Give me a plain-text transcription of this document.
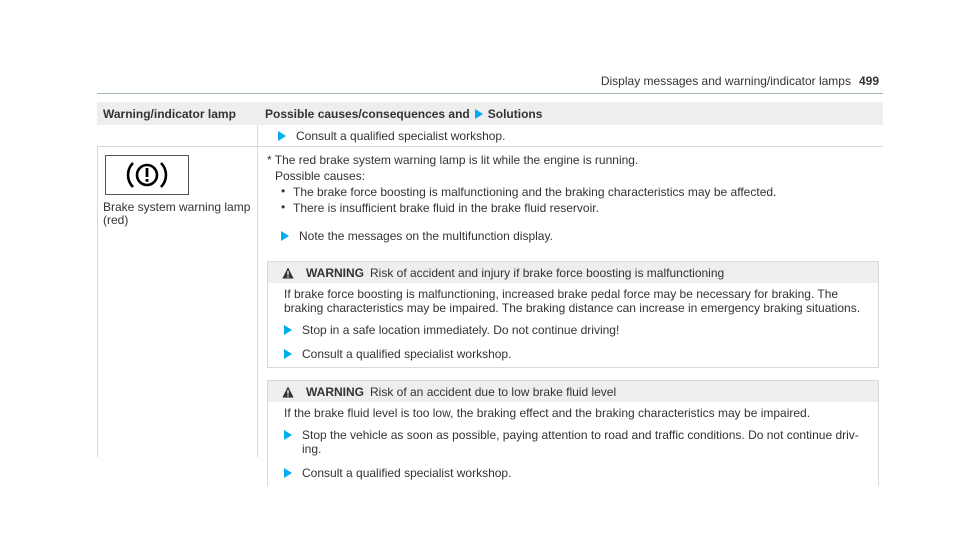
Display messages and warning/indicator lamps 499
Warning/indicator lamp	Possible causes/consequences and Solutions
Consult a qualified specialist workshop.
Brake system warning lamp (red)
* The red brake system warning lamp is lit while the engine is running.
Possible causes:
• The brake force boosting is malfunctioning and the braking characteristics may be affected.
• There is insufficient brake fluid in the brake fluid reservoir.
Note the messages on the multifunction display.
WARNING Risk of accident and injury if brake force boosting is malfunctioning

If brake force boosting is malfunctioning, increased brake pedal force may be necessary for braking. The braking characteristics may be impaired. The braking distance can increase in emergency braking situations.

Stop in a safe location immediately. Do not continue driving!
Consult a qualified specialist workshop.
WARNING Risk of an accident due to low brake fluid level

If the brake fluid level is too low, the braking effect and the braking characteristics may be impaired.

Stop the vehicle as soon as possible, paying attention to road and traffic conditions. Do not continue driv-ing.
Consult a qualified specialist workshop.
